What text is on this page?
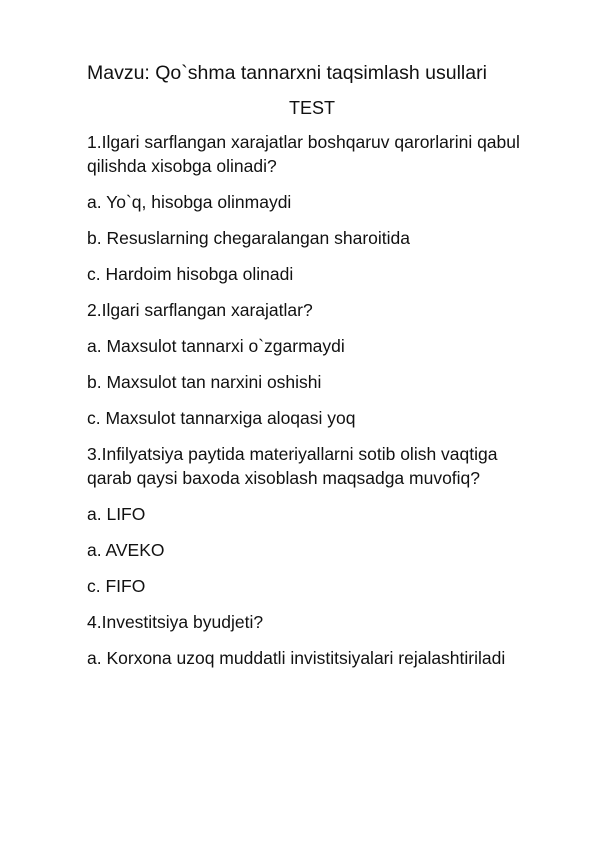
Mavzu: Qo`shma tannarxni taqsimlash usullari
TEST
1.Ilgari sarflangan xarajatlar boshqaruv qarorlarini qabul qilishda xisobga olinadi?
a. Yo`q, hisobga olinmaydi
b. Resuslarning chegaralangan sharoitida
c. Hardoim hisobga olinadi
2.Ilgari sarflangan xarajatlar?
a. Maxsulot tannarxi o`zgarmaydi
b. Maxsulot tan narxini oshishi
c. Maxsulot tannarxiga aloqasi yoq
3.Infilyatsiya paytida materiyallarni sotib olish vaqtiga qarab qaysi baxoda xisoblash maqsadga muvofiq?
a. LIFO
a. AVEKO
c. FIFO
4.Investitsiya byudjeti?
a. Korxona uzoq muddatli invistitsiyalari rejalashtiriladi
